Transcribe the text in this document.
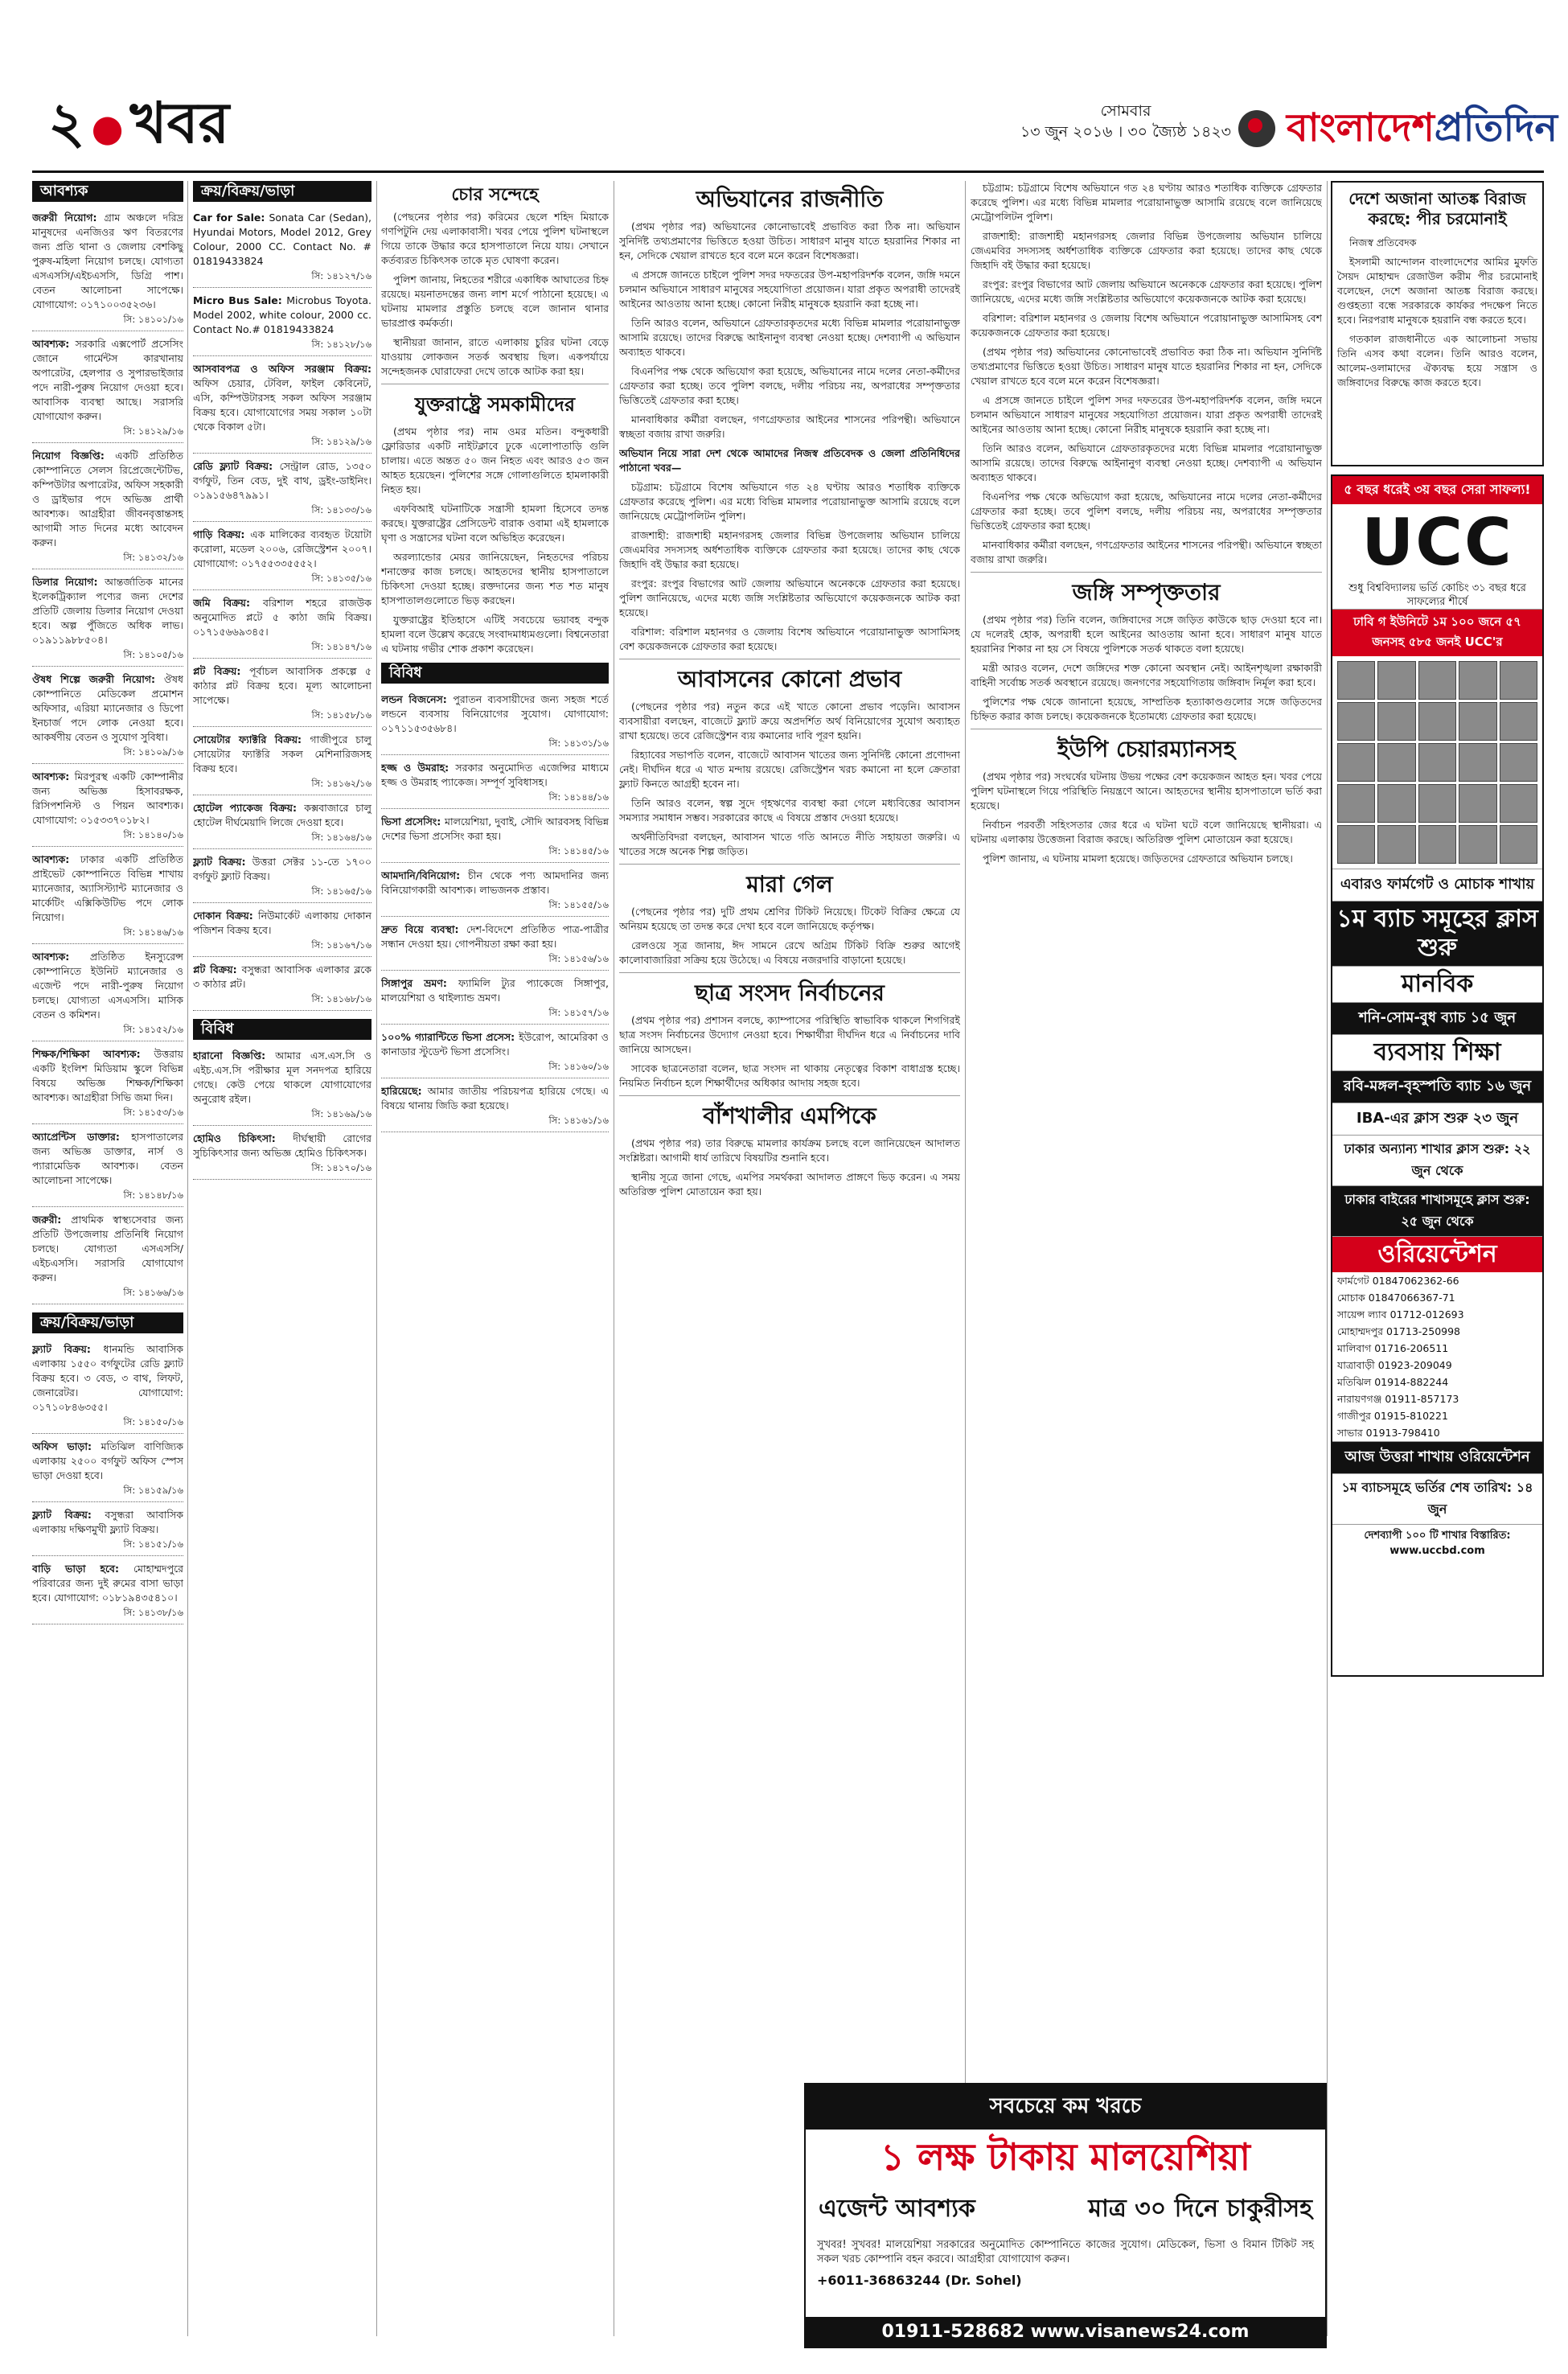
২ ● খবর	সোমবার
১৩ জুন ২০১৬ । ৩০ জ্যৈষ্ঠ ১৪২৩ বাংলাদেশপ্রতিদিন
আবশ্যক
জরুরী নিয়োগ: গ্রাম অঞ্চলে দরিদ্র মানুষদের এনজিওর ঋণ বিতরণের জন্য প্রতি থানা ও জেলায় বেশকিছু পুরুষ-মহিলা নিয়োগ চলছে। যোগ্যতা এসএসসি/এইচএসসি, ডিগ্রি পাশ। বেতন আলোচনা সাপেক্ষে। যোগাযোগ: ০১৭১০০৩৫২৩৬।
সি: ১৪১০১/১৬
আবশ্যক: সরকারি এক্সপোর্ট প্রসেসিং জোনে গার্মেন্টস কারখানায় অপারেটর, হেলপার ও সুপারভাইজার পদে নারী-পুরুষ নিয়োগ দেওয়া হবে। আবাসিক ব্যবস্থা আছে। সরাসরি যোগাযোগ করুন।
সি: ১৪১২৯/১৬
নিয়োগ বিজ্ঞপ্তি: একটি প্রতিষ্ঠিত কোম্পানিতে সেলস রিপ্রেজেন্টেটিভ, কম্পিউটার অপারেটর, অফিস সহকারী ও ড্রাইভার পদে অভিজ্ঞ প্রার্থী আবশ্যক। আগ্রহীরা জীবনবৃত্তান্তসহ আগামী সাত দিনের মধ্যে আবেদন করুন।
সি: ১৪১৩২/১৬
ডিলার নিয়োগ: আন্তর্জাতিক মানের ইলেকট্রিক্যাল পণ্যের জন্য দেশের প্রতিটি জেলায় ডিলার নিয়োগ দেওয়া হবে। অল্প পুঁজিতে অধিক লাভ। ০১৯১১৯৮৮৫০৪।
সি: ১৪১০৫/১৬
ঔষধ শিল্পে জরুরী নিয়োগ: ঔষধ কোম্পানিতে মেডিকেল প্রমোশন অফিসার, এরিয়া ম্যানেজার ও ডিপো ইনচার্জ পদে লোক নেওয়া হবে। আকর্ষণীয় বেতন ও সুযোগ সুবিধা।
সি: ১৪১০৯/১৬
আবশ্যক: মিরপুরস্থ একটি কোম্পানীর জন্য অভিজ্ঞ হিসাবরক্ষক, রিসিপশনিস্ট ও পিয়ন আবশ্যক। যোগাযোগ: ০১৫৩৩৭০১৮২।
সি: ১৪১৪০/১৬
আবশ্যক: ঢাকার একটি প্রতিষ্ঠিত প্রাইভেট কোম্পানিতে বিভিন্ন শাখায় ম্যানেজার, অ্যাসিস্ট্যান্ট ম্যানেজার ও মার্কেটিং এক্সিকিউটিভ পদে লোক নিয়োগ।
সি: ১৪১৪৬/১৬
আবশ্যক: প্রতিষ্ঠিত ইনস্যুরেন্স কোম্পানিতে ইউনিট ম্যানেজার ও এজেন্ট পদে নারী-পুরুষ নিয়োগ চলছে। যোগ্যতা এসএসসি। মাসিক বেতন ও কমিশন।
সি: ১৪১৫২/১৬
শিক্ষক/শিক্ষিকা আবশ্যক: উত্তরায় একটি ইংলিশ মিডিয়াম স্কুলে বিভিন্ন বিষয়ে অভিজ্ঞ শিক্ষক/শিক্ষিকা আবশ্যক। আগ্রহীরা সিভি জমা দিন।
সি: ১৪১৫৩/১৬
অ্যাপ্রেন্টিস ডাক্তার: হাসপাতালের জন্য অভিজ্ঞ ডাক্তার, নার্স ও প্যারামেডিক আবশ্যক। বেতন আলোচনা সাপেক্ষে।
সি: ১৪১৪৮/১৬
জরুরী: প্রাথমিক স্বাস্থ্যসেবার জন্য প্রতিটি উপজেলায় প্রতিনিধি নিয়োগ চলছে। যোগ্যতা এসএসসি/এইচএসসি। সরাসরি যোগাযোগ করুন।
সি: ১৪১৬৬/১৬
ক্রয়/বিক্রয়/ভাড়া
ফ্ল্যাট বিক্রয়: ধানমন্ডি আবাসিক এলাকায় ১৫৫০ বর্গফুটের রেডি ফ্ল্যাট বিক্রয় হবে। ৩ বেড, ৩ বাথ, লিফট, জেনারেটর। যোগাযোগ: ০১৭১০৮৪৬৩৫৫।
সি: ১৪১৫০/১৬
অফিস ভাড়া: মতিঝিল বাণিজ্যিক এলাকায় ২৫০০ বর্গফুট অফিস স্পেস ভাড়া দেওয়া হবে।
সি: ১৪১৫৯/১৬
ফ্ল্যাট বিক্রয়: বসুন্ধরা আবাসিক এলাকায় দক্ষিণমুখী ফ্ল্যাট বিক্রয়।
সি: ১৪১৫১/১৬
বাড়ি ভাড়া হবে: মোহাম্মদপুরে পরিবারের জন্য দুই রুমের বাসা ভাড়া হবে। যোগাযোগ: ০১৮১৯৪৩৫৪১০।
সি: ১৪১৩৮/১৬
ক্রয়/বিক্রয়/ভাড়া
Car for Sale: Sonata Car (Sedan), Hyundai Motors, Model 2012, Grey Colour, 2000 CC. Contact No. # 01819433824
সি: ১৪১২৭/১৬
Micro Bus Sale: Microbus Toyota. Model 2002, white colour, 2000 cc. Contact No.# 01819433824
সি: ১৪১২৮/১৬
আসবাবপত্র ও অফিস সরঞ্জাম বিক্রয়: অফিস চেয়ার, টেবিল, ফাইল কেবিনেট, এসি, কম্পিউটারসহ সকল অফিস সরঞ্জাম বিক্রয় হবে। যোগাযোগের সময় সকাল ১০টা থেকে বিকাল ৫টা।
সি: ১৪১২৯/১৬
রেডি ফ্ল্যাট বিক্রয়: সেন্ট্রাল রোড, ১৩৫০ বর্গফুট, তিন বেড, দুই বাথ, ড্রইং-ডাইনিং। ০১৯১৫৬৪৭৯৯১।
সি: ১৪১৩৩/১৬
গাড়ি বিক্রয়: এক মালিকের ব্যবহৃত টয়োটা করোলা, মডেল ২০০৬, রেজিস্ট্রেশন ২০০৭। যোগাযোগ: ০১৭৫৫৩৩৫৫৫২।
সি: ১৪১৩৫/১৬
জমি বিক্রয়: বরিশাল শহরে রাজউক অনুমোদিত প্লটে ৫ কাঠা জমি বিক্রয়। ০১৭১৫৬৬৯৩৪৫।
সি: ১৪১৪৭/১৬
প্লট বিক্রয়: পূর্বাচল আবাসিক প্রকল্পে ৫ কাঠার প্লট বিক্রয় হবে। মূল্য আলোচনা সাপেক্ষে।
সি: ১৪১৫৮/১৬
সোয়েটার ফ্যাক্টরি বিক্রয়: গাজীপুরে চালু সোয়েটার ফ্যাক্টরি সকল মেশিনারিজসহ বিক্রয় হবে।
সি: ১৪১৬২/১৬
হোটেল প্যাকেজ বিক্রয়: কক্সবাজারে চালু হোটেল দীর্ঘমেয়াদি লিজে দেওয়া হবে।
সি: ১৪১৬৪/১৬
ফ্ল্যাট বিক্রয়: উত্তরা সেক্টর ১১-তে ১৭০০ বর্গফুট ফ্ল্যাট বিক্রয়।
সি: ১৪১৬৫/১৬
দোকান বিক্রয়: নিউমার্কেট এলাকায় দোকান পজিশন বিক্রয় হবে।
সি: ১৪১৬৭/১৬
প্লট বিক্রয়: বসুন্ধরা আবাসিক এলাকার ব্লকে ৩ কাঠার প্লট।
সি: ১৪১৬৮/১৬
বিবিধ
হারানো বিজ্ঞপ্তি: আমার এস.এস.সি ও এইচ.এস.সি পরীক্ষার মূল সনদপত্র হারিয়ে গেছে। কেউ পেয়ে থাকলে যোগাযোগের অনুরোধ রইল।
সি: ১৪১৬৯/১৬
হোমিও চিকিৎসা: দীর্ঘস্থায়ী রোগের সুচিকিৎসার জন্য অভিজ্ঞ হোমিও চিকিৎসক।
সি: ১৪১৭০/১৬
চোর সন্দেহে

(পেছনের পৃষ্ঠার পর) করিমের ছেলে শহিদ মিয়াকে গণপিটুনি দেয় এলাকাবাসী। খবর পেয়ে পুলিশ ঘটনাস্থলে গিয়ে তাকে উদ্ধার করে হাসপাতালে নিয়ে যায়। সেখানে কর্তব্যরত চিকিৎসক তাকে মৃত ঘোষণা করেন।

পুলিশ জানায়, নিহতের শরীরে একাধিক আঘাতের চিহ্ন রয়েছে। ময়নাতদন্তের জন্য লাশ মর্গে পাঠানো হয়েছে। এ ঘটনায় মামলার প্রস্তুতি চলছে বলে জানান থানার ভারপ্রাপ্ত কর্মকর্তা।

স্থানীয়রা জানান, রাতে এলাকায় চুরির ঘটনা বেড়ে যাওয়ায় লোকজন সতর্ক অবস্থায় ছিল। একপর্যায়ে সন্দেহজনক ঘোরাফেরা দেখে তাকে আটক করা হয়।

যুক্তরাষ্ট্রে সমকামীদের

(প্রথম পৃষ্ঠার পর) নাম ওমর মতিন। বন্দুকধারী ফ্লোরিডার একটি নাইটক্লাবে ঢুকে এলোপাতাড়ি গুলি চালায়। এতে অন্তত ৫০ জন নিহত এবং আরও ৫৩ জন আহত হয়েছেন। পুলিশের সঙ্গে গোলাগুলিতে হামলাকারী নিহত হয়।

এফবিআই ঘটনাটিকে সন্ত্রাসী হামলা হিসেবে তদন্ত করছে। যুক্তরাষ্ট্রের প্রেসিডেন্ট বারাক ওবামা এই হামলাকে ঘৃণা ও সন্ত্রাসের ঘটনা বলে অভিহিত করেছেন।

অরল্যান্ডোর মেয়র জানিয়েছেন, নিহতদের পরিচয় শনাক্তের কাজ চলছে। আহতদের স্থানীয় হাসপাতালে চিকিৎসা দেওয়া হচ্ছে। রক্তদানের জন্য শত শত মানুষ হাসপাতালগুলোতে ভিড় করছেন।

যুক্তরাষ্ট্রের ইতিহাসে এটিই সবচেয়ে ভয়াবহ বন্দুক হামলা বলে উল্লেখ করেছে সংবাদমাধ্যমগুলো। বিশ্বনেতারা এ ঘটনায় গভীর শোক প্রকাশ করেছেন।

বিবিধ
লন্ডন বিজনেস: পুরাতন ব্যবসায়ীদের জন্য সহজ শর্তে লন্ডনে ব্যবসায় বিনিয়োগের সুযোগ। যোগাযোগ: ০১৭১১৫৩৫৬৮৪।
সি: ১৪১৩১/১৬
হজ্জ ও উমরাহ: সরকার অনুমোদিত এজেন্সির মাধ্যমে হজ্জ ও উমরাহ প্যাকেজ। সম্পূর্ণ সুবিধাসহ।
সি: ১৪১৪৪/১৬
ভিসা প্রসেসিং: মালয়েশিয়া, দুবাই, সৌদি আরবসহ বিভিন্ন দেশের ভিসা প্রসেসিং করা হয়।
সি: ১৪১৪৫/১৬
আমদানি/বিনিয়োগ: চীন থেকে পণ্য আমদানির জন্য বিনিয়োগকারী আবশ্যক। লাভজনক প্রস্তাব।
সি: ১৪১৫৫/১৬
দ্রুত বিয়ে ব্যবস্থা: দেশ-বিদেশে প্রতিষ্ঠিত পাত্র-পাত্রীর সন্ধান দেওয়া হয়। গোপনীয়তা রক্ষা করা হয়।
সি: ১৪১৫৬/১৬
সিঙ্গাপুর ভ্রমণ: ফ্যামিলি ট্যুর প্যাকেজে সিঙ্গাপুর, মালয়েশিয়া ও থাইল্যান্ড ভ্রমণ।
সি: ১৪১৫৭/১৬
১০০% গ্যারান্টিতে ভিসা প্রসেস: ইউরোপ, আমেরিকা ও কানাডার স্টুডেন্ট ভিসা প্রসেসিং।
সি: ১৪১৬০/১৬
হারিয়েছে: আমার জাতীয় পরিচয়পত্র হারিয়ে গেছে। এ বিষয়ে থানায় জিডি করা হয়েছে।
সি: ১৪১৬১/১৬
অভিযানের রাজনীতি

(প্রথম পৃষ্ঠার পর) অভিযানের কোনোভাবেই প্রভাবিত করা ঠিক না। অভিযান সুনির্দিষ্ট তথ্যপ্রমাণের ভিত্তিতে হওয়া উচিত। সাধারণ মানুষ যাতে হয়রানির শিকার না হন, সেদিকে খেয়াল রাখতে হবে বলে মনে করেন বিশেষজ্ঞরা।

এ প্রসঙ্গে জানতে চাইলে পুলিশ সদর দফতরের উপ-মহাপরিদর্শক বলেন, জঙ্গি দমনে চলমান অভিযানে সাধারণ মানুষের সহযোগিতা প্রয়োজন। যারা প্রকৃত অপরাধী তাদেরই আইনের আওতায় আনা হচ্ছে। কোনো নিরীহ মানুষকে হয়রানি করা হচ্ছে না।

তিনি আরও বলেন, অভিযানে গ্রেফতারকৃতদের মধ্যে বিভিন্ন মামলার পরোয়ানাভুক্ত আসামি রয়েছে। তাদের বিরুদ্ধে আইনানুগ ব্যবস্থা নেওয়া হচ্ছে। দেশব্যাপী এ অভিযান অব্যাহত থাকবে।

বিএনপির পক্ষ থেকে অভিযোগ করা হয়েছে, অভিযানের নামে দলের নেতা-কর্মীদের গ্রেফতার করা হচ্ছে। তবে পুলিশ বলছে, দলীয় পরিচয় নয়, অপরাধের সম্পৃক্ততার ভিত্তিতেই গ্রেফতার করা হচ্ছে।

মানবাধিকার কর্মীরা বলছেন, গণগ্রেফতার আইনের শাসনের পরিপন্থী। অভিযানে স্বচ্ছতা বজায় রাখা জরুরি।

অভিযান নিয়ে সারা দেশ থেকে আমাদের নিজস্ব প্রতিবেদক ও জেলা প্রতিনিধিদের পাঠানো খবর—

চট্টগ্রাম: চট্টগ্রামে বিশেষ অভিযানে গত ২৪ ঘণ্টায় আরও শতাধিক ব্যক্তিকে গ্রেফতার করেছে পুলিশ। এর মধ্যে বিভিন্ন মামলার পরোয়ানাভুক্ত আসামি রয়েছে বলে জানিয়েছে মেট্রোপলিটন পুলিশ।

রাজশাহী: রাজশাহী মহানগরসহ জেলার বিভিন্ন উপজেলায় অভিযান চালিয়ে জেএমবির সদস্যসহ অর্ধশতাধিক ব্যক্তিকে গ্রেফতার করা হয়েছে। তাদের কাছ থেকে জিহাদি বই উদ্ধার করা হয়েছে।

রংপুর: রংপুর বিভাগের আট জেলায় অভিযানে অনেককে গ্রেফতার করা হয়েছে। পুলিশ জানিয়েছে, এদের মধ্যে জঙ্গি সংশ্লিষ্টতার অভিযোগে কয়েকজনকে আটক করা হয়েছে।

বরিশাল: বরিশাল মহানগর ও জেলায় বিশেষ অভিযানে পরোয়ানাভুক্ত আসামিসহ বেশ কয়েকজনকে গ্রেফতার করা হয়েছে।

আবাসনের কোনো প্রভাব

(পেছনের পৃষ্ঠার পর) নতুন করে এই খাতে কোনো প্রভাব পড়েনি। আবাসন ব্যবসায়ীরা বলছেন, বাজেটে ফ্ল্যাট ক্রয়ে অপ্রদর্শিত অর্থ বিনিয়োগের সুযোগ অব্যাহত রাখা হয়েছে। তবে রেজিস্ট্রেশন ব্যয় কমানোর দাবি পূরণ হয়নি।

রিহ্যাবের সভাপতি বলেন, বাজেটে আবাসন খাতের জন্য সুনির্দিষ্ট কোনো প্রণোদনা নেই। দীর্ঘদিন ধরে এ খাত মন্দায় রয়েছে। রেজিস্ট্রেশন খরচ কমানো না হলে ক্রেতারা ফ্ল্যাট কিনতে আগ্রহী হবেন না।

তিনি আরও বলেন, স্বল্প সুদে গৃহঋণের ব্যবস্থা করা গেলে মধ্যবিত্তের আবাসন সমস্যার সমাধান সম্ভব। সরকারের কাছে এ বিষয়ে প্রস্তাব দেওয়া হয়েছে।

অর্থনীতিবিদরা বলছেন, আবাসন খাতে গতি আনতে নীতি সহায়তা জরুরি। এ খাতের সঙ্গে অনেক শিল্প জড়িত।

মারা গেল

(পেছনের পৃষ্ঠার পর) দুটি প্রথম শ্রেণির টিকিট নিয়েছে। টিকেট বিক্রির ক্ষেত্রে যে অনিয়ম হয়েছে তা তদন্ত করে দেখা হবে বলে জানিয়েছে কর্তৃপক্ষ।

রেলওয়ে সূত্র জানায়, ঈদ সামনে রেখে অগ্রিম টিকিট বিক্রি শুরুর আগেই কালোবাজারিরা সক্রিয় হয়ে উঠেছে। এ বিষয়ে নজরদারি বাড়ানো হয়েছে।

ছাত্র সংসদ নির্বাচনের

(প্রথম পৃষ্ঠার পর) প্রশাসন বলছে, ক্যাম্পাসের পরিস্থিতি স্বাভাবিক থাকলে শিগগিরই ছাত্র সংসদ নির্বাচনের উদ্যোগ নেওয়া হবে। শিক্ষার্থীরা দীর্ঘদিন ধরে এ নির্বাচনের দাবি জানিয়ে আসছেন।

সাবেক ছাত্রনেতারা বলেন, ছাত্র সংসদ না থাকায় নেতৃত্বের বিকাশ বাধাগ্রস্ত হচ্ছে। নিয়মিত নির্বাচন হলে শিক্ষার্থীদের অধিকার আদায় সহজ হবে।

বাঁশখালীর এমপিকে

(প্রথম পৃষ্ঠার পর) তার বিরুদ্ধে মামলার কার্যক্রম চলছে বলে জানিয়েছেন আদালত সংশ্লিষ্টরা। আগামী ধার্য তারিখে বিষয়টির শুনানি হবে।

স্থানীয় সূত্রে জানা গেছে, এমপির সমর্থকরা আদালত প্রাঙ্গণে ভিড় করেন। এ সময় অতিরিক্ত পুলিশ মোতায়েন করা হয়।

চট্টগ্রাম: চট্টগ্রামে বিশেষ অভিযানে গত ২৪ ঘণ্টায় আরও শতাধিক ব্যক্তিকে গ্রেফতার করেছে পুলিশ। এর মধ্যে বিভিন্ন মামলার পরোয়ানাভুক্ত আসামি রয়েছে বলে জানিয়েছে মেট্রোপলিটন পুলিশ।

রাজশাহী: রাজশাহী মহানগরসহ জেলার বিভিন্ন উপজেলায় অভিযান চালিয়ে জেএমবির সদস্যসহ অর্ধশতাধিক ব্যক্তিকে গ্রেফতার করা হয়েছে। তাদের কাছ থেকে জিহাদি বই উদ্ধার করা হয়েছে।

রংপুর: রংপুর বিভাগের আট জেলায় অভিযানে অনেককে গ্রেফতার করা হয়েছে। পুলিশ জানিয়েছে, এদের মধ্যে জঙ্গি সংশ্লিষ্টতার অভিযোগে কয়েকজনকে আটক করা হয়েছে।

বরিশাল: বরিশাল মহানগর ও জেলায় বিশেষ অভিযানে পরোয়ানাভুক্ত আসামিসহ বেশ কয়েকজনকে গ্রেফতার করা হয়েছে।

(প্রথম পৃষ্ঠার পর) অভিযানের কোনোভাবেই প্রভাবিত করা ঠিক না। অভিযান সুনির্দিষ্ট তথ্যপ্রমাণের ভিত্তিতে হওয়া উচিত। সাধারণ মানুষ যাতে হয়রানির শিকার না হন, সেদিকে খেয়াল রাখতে হবে বলে মনে করেন বিশেষজ্ঞরা।

এ প্রসঙ্গে জানতে চাইলে পুলিশ সদর দফতরের উপ-মহাপরিদর্শক বলেন, জঙ্গি দমনে চলমান অভিযানে সাধারণ মানুষের সহযোগিতা প্রয়োজন। যারা প্রকৃত অপরাধী তাদেরই আইনের আওতায় আনা হচ্ছে। কোনো নিরীহ মানুষকে হয়রানি করা হচ্ছে না।

তিনি আরও বলেন, অভিযানে গ্রেফতারকৃতদের মধ্যে বিভিন্ন মামলার পরোয়ানাভুক্ত আসামি রয়েছে। তাদের বিরুদ্ধে আইনানুগ ব্যবস্থা নেওয়া হচ্ছে। দেশব্যাপী এ অভিযান অব্যাহত থাকবে।

বিএনপির পক্ষ থেকে অভিযোগ করা হয়েছে, অভিযানের নামে দলের নেতা-কর্মীদের গ্রেফতার করা হচ্ছে। তবে পুলিশ বলছে, দলীয় পরিচয় নয়, অপরাধের সম্পৃক্ততার ভিত্তিতেই গ্রেফতার করা হচ্ছে।

মানবাধিকার কর্মীরা বলছেন, গণগ্রেফতার আইনের শাসনের পরিপন্থী। অভিযানে স্বচ্ছতা বজায় রাখা জরুরি।

জঙ্গি সম্পৃক্ততার

(প্রথম পৃষ্ঠার পর) তিনি বলেন, জঙ্গিবাদের সঙ্গে জড়িত কাউকে ছাড় দেওয়া হবে না। যে দলেরই হোক, অপরাধী হলে আইনের আওতায় আনা হবে। সাধারণ মানুষ যাতে হয়রানির শিকার না হয় সে বিষয়ে পুলিশকে সতর্ক থাকতে বলা হয়েছে।

মন্ত্রী আরও বলেন, দেশে জঙ্গিদের শক্ত কোনো অবস্থান নেই। আইনশৃঙ্খলা রক্ষাকারী বাহিনী সর্বোচ্চ সতর্ক অবস্থানে রয়েছে। জনগণের সহযোগিতায় জঙ্গিবাদ নির্মূল করা হবে।

পুলিশের পক্ষ থেকে জানানো হয়েছে, সাম্প্রতিক হত্যাকাণ্ডগুলোর সঙ্গে জড়িতদের চিহ্নিত করার কাজ চলছে। কয়েকজনকে ইতোমধ্যে গ্রেফতার করা হয়েছে।

ইউপি চেয়ারম্যানসহ

(প্রথম পৃষ্ঠার পর) সংঘর্ষের ঘটনায় উভয় পক্ষের বেশ কয়েকজন আহত হন। খবর পেয়ে পুলিশ ঘটনাস্থলে গিয়ে পরিস্থিতি নিয়ন্ত্রণে আনে। আহতদের স্থানীয় হাসপাতালে ভর্তি করা হয়েছে।

নির্বাচন পরবর্তী সহিংসতার জের ধরে এ ঘটনা ঘটে বলে জানিয়েছে স্থানীয়রা। এ ঘটনায় এলাকায় উত্তেজনা বিরাজ করছে। অতিরিক্ত পুলিশ মোতায়েন করা হয়েছে।

পুলিশ জানায়, এ ঘটনায় মামলা হয়েছে। জড়িতদের গ্রেফতারে অভিযান চলছে।

দেশে অজানা আতঙ্ক বিরাজ করছে: পীর চরমোনাই

নিজস্ব প্রতিবেদক

ইসলামী আন্দোলন বাংলাদেশের আমির মুফতি সৈয়দ মোহাম্মদ রেজাউল করীম পীর চরমোনাই বলেছেন, দেশে অজানা আতঙ্ক বিরাজ করছে। গুপ্তহত্যা বন্ধে সরকারকে কার্যকর পদক্ষেপ নিতে হবে। নিরপরাধ মানুষকে হয়রানি বন্ধ করতে হবে।

গতকাল রাজধানীতে এক আলোচনা সভায় তিনি এসব কথা বলেন। তিনি আরও বলেন, আলেম-ওলামাদের ঐক্যবদ্ধ হয়ে সন্ত্রাস ও জঙ্গিবাদের বিরুদ্ধে কাজ করতে হবে।

৫ বছর ধরেই ৩য় বছর সেরা সাফল্য!
UCC
শুধু বিশ্ববিদ্যালয় ভর্তি কোচিং ৩১ বছর ধরে সাফল্যের শীর্ষে
ঢাবি গ ইউনিটে ১ম ১০০ জনে ৫৭ জনসহ ৫৮৫ জনই UCC'র
এবারও ফার্মগেট ও মোচাক শাখায়
১ম ব্যাচ সমূহের ক্লাস শুরু
মানবিক
শনি-সোম-বুধ ব্যাচ ১৫ জুন
ব্যবসায় শিক্ষা
রবি-মঙ্গল-বৃহস্পতি ব্যাচ ১৬ জুন
IBA-এর ক্লাস শুরু ২৩ জুন
ঢাকার অন্যান্য শাখার ক্লাস শুরু: ২২ জুন থেকে
ঢাকার বাইরের শাখাসমূহে ক্লাস শুরু: ২৫ জুন থেকে
ওরিয়েন্টেশন
ফার্মগেট 01847062362-66
মোচাক 01847066367-71
সায়েন্স ল্যাব 01712-012693
মোহাম্মদপুর 01713-250998
মালিবাগ 01716-206511
যাত্রাবাড়ী 01923-209049
মতিঝিল 01914-882244
নারায়ণগঞ্জ 01911-857173
গাজীপুর 01915-810221
সাভার 01913-798410
আজ উত্তরা শাখায় ওরিয়েন্টেশন
১ম ব্যাচসমূহে ভর্তির শেষ তারিখ: ১৪ জুন
দেশব্যাপী ১০০ টি শাখার বিস্তারিত: www.uccbd.com
সবচেয়ে কম খরচে
১ লক্ষ টাকায় মালয়েশিয়া
এজেন্ট আবশ্যক	মাত্র ৩০ দিনে চাকুরীসহ
সুখবর! সুখবর! মালয়েশিয়া সরকারের অনুমোদিত কোম্পানিতে কাজের সুযোগ। মেডিকেল, ভিসা ও বিমান টিকিট সহ সকল খরচ কোম্পানি বহন করবে। আগ্রহীরা যোগাযোগ করুন।
+6011-36863244 (Dr. Sohel)
01911-528682 www.visanews24.com
